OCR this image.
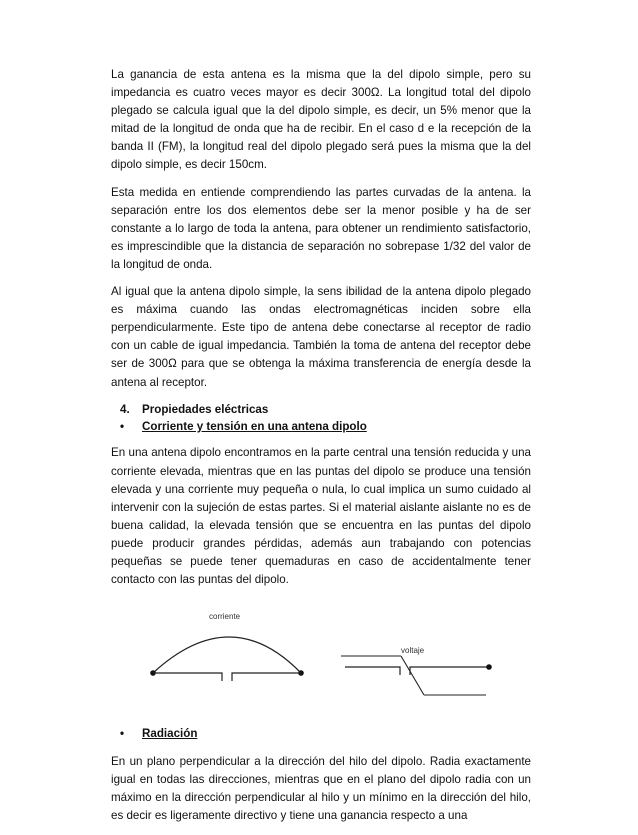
La ganancia de esta antena es la misma que la del dipolo simple, pero su impedancia es cuatro veces mayor es decir 300Ω. La longitud total del dipolo plegado se calcula igual que la del dipolo simple, es decir, un 5% menor que la mitad de la longitud de onda que ha de recibir. En el caso d e la recepción de la banda II (FM), la longitud real del dipolo plegado será pues la misma que la del dipolo simple, es decir 150cm.

Esta medida en entiende comprendiendo las partes curvadas de la antena. la separación entre los dos elementos debe ser la menor posible y ha de ser constante a lo largo de toda la antena, para obtener un rendimiento satisfactorio, es imprescindible que la distancia de separación no sobrepase 1/32 del valor de la longitud de onda.

Al igual que la antena dipolo simple, la sens ibilidad de la antena dipolo plegado es máxima cuando las ondas electromagnéticas inciden sobre ella perpendicularmente. Este tipo de antena debe conectarse al receptor de radio con un cable de igual impedancia. También la toma de antena del receptor debe ser de 300Ω para que se obtenga la máxima transferencia de energía desde la antena al receptor.

4.	Propiedades eléctricas
•	Corriente y tensión en una antena dipolo

En una antena dipolo encontramos en la parte central una tensión reducida y una corriente elevada, mientras que en las puntas del dipolo se produce una tensión elevada y una corriente muy pequeña o nula, lo cual implica un sumo cuidado al intervenir con la sujeción de estas partes. Si el material aislante aislante no es de buena calidad, la elevada tensión que se encuentra en las puntas del dipolo puede producir grandes pérdidas, además aun trabajando con potencias pequeñas se puede tener quemaduras en caso de accidentalmente tener contacto con las puntas del dipolo.

corriente
voltaje
•	Radiación

En un plano perpendicular a la dirección del hilo del dipolo. Radia exactamente igual en todas las direcciones, mientras que en el plano del dipolo radia con un máximo en la dirección perpendicular al hilo y un mínimo en la dirección del hilo, es decir es ligeramente directivo y tiene una ganancia respecto a una
